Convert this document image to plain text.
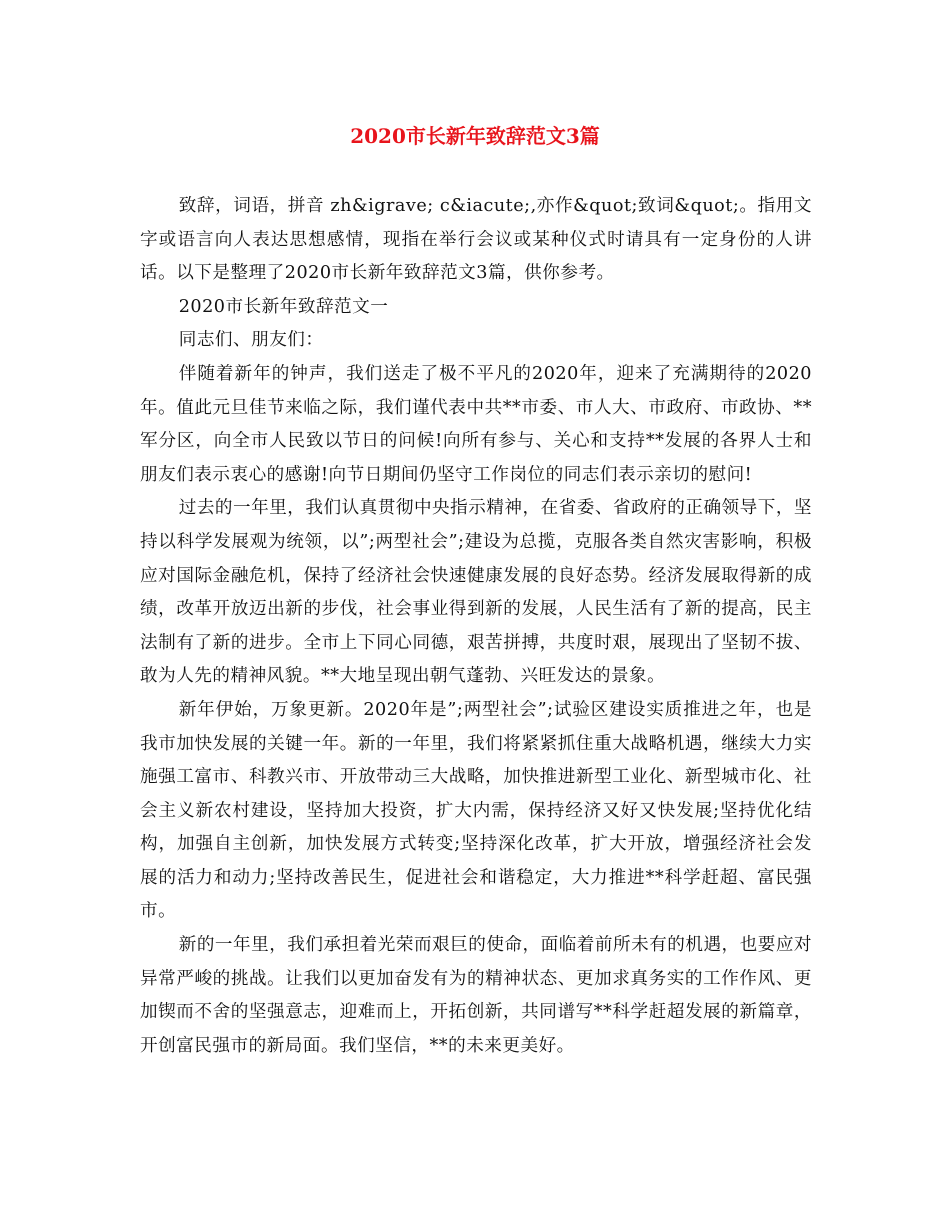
2020市长新年致辞范文3篇

致辞，词语，拼音 zh&igrave; c&iacute;,亦作&quot;致词&quot;。指用文字或语言向人表达思想感情，现指在举行会议或某种仪式时请具有一定身份的人讲话。以下是整理了2020市长新年致辞范文3篇，供你参考。

2020市长新年致辞范文一

同志们、朋友们：

伴随着新年的钟声，我们送走了极不平凡的2020年，迎来了充满期待的2020年。值此元旦佳节来临之际，我们谨代表中共**市委、市人大、市政府、市政协、**军分区，向全市人民致以节日的问候!向所有参与、关心和支持**发展的各界人士和朋友们表示衷心的感谢!向节日期间仍坚守工作岗位的同志们表示亲切的慰问!

过去的一年里，我们认真贯彻中央指示精神，在省委、省政府的正确领导下，坚持以科学发展观为统领，以”;两型社会”;建设为总揽，克服各类自然灾害影响，积极应对国际金融危机，保持了经济社会快速健康发展的良好态势。经济发展取得新的成绩，改革开放迈出新的步伐，社会事业得到新的发展，人民生活有了新的提高，民主法制有了新的进步。全市上下同心同德，艰苦拼搏，共度时艰，展现出了坚韧不拔、敢为人先的精神风貌。**大地呈现出朝气蓬勃、兴旺发达的景象。

新年伊始，万象更新。2020年是”;两型社会”;试验区建设实质推进之年，也是我市加快发展的关键一年。新的一年里，我们将紧紧抓住重大战略机遇，继续大力实施强工富市、科教兴市、开放带动三大战略，加快推进新型工业化、新型城市化、社会主义新农村建设，坚持加大投资，扩大内需，保持经济又好又快发展;坚持优化结构，加强自主创新，加快发展方式转变;坚持深化改革，扩大开放，增强经济社会发展的活力和动力;坚持改善民生，促进社会和谐稳定，大力推进**科学赶超、富民强市。

新的一年里，我们承担着光荣而艰巨的使命，面临着前所未有的机遇，也要应对异常严峻的挑战。让我们以更加奋发有为的精神状态、更加求真务实的工作作风、更加锲而不舍的坚强意志，迎难而上，开拓创新，共同谱写**科学赶超发展的新篇章，开创富民强市的新局面。我们坚信，**的未来更美好。
